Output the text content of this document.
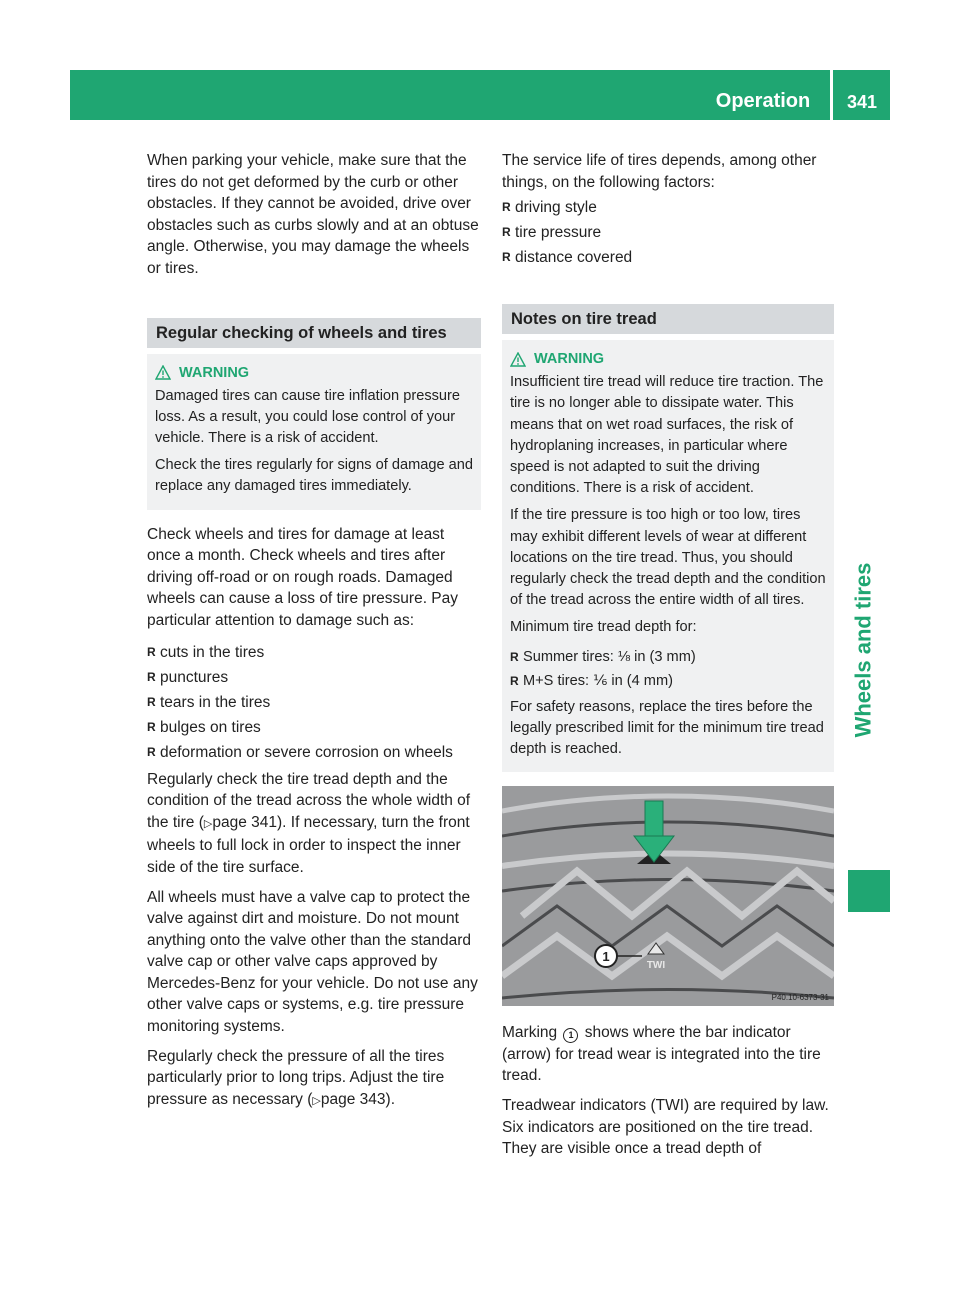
Operation	341
Wheels and tires

When parking your vehicle, make sure that the tires do not get deformed by the curb or other obstacles. If they cannot be avoided, drive over obstacles such as curbs slowly and at an obtuse angle. Otherwise, you may damage the wheels or tires.

Regular checking of wheels and tires
WARNING

Damaged tires can cause tire inflation pressure loss. As a result, you could lose control of your vehicle. There is a risk of accident.

Check the tires regularly for signs of damage and replace any damaged tires immediately.

Check wheels and tires for damage at least once a month. Check wheels and tires after driving off-road or on rough roads. Damaged wheels can cause a loss of tire pressure. Pay particular attention to damage such as:

R cuts in the tires
R punctures
R tears in the tires
R bulges on tires
R deformation or severe corrosion on wheels

Regularly check the tire tread depth and the condition of the tread across the whole width of the tire (▷page 341). If necessary, turn the front wheels to full lock in order to inspect the inner side of the tire surface.

All wheels must have a valve cap to protect the valve against dirt and moisture. Do not mount anything onto the valve other than the standard valve cap or other valve caps approved by Mercedes-Benz for your vehicle. Do not use any other valve caps or systems, e.g. tire pressure monitoring systems.

Regularly check the pressure of all the tires particularly prior to long trips. Adjust the tire pressure as necessary (▷page 343).

The service life of tires depends, among other things, on the following factors:

R driving style
R tire pressure
R distance covered
Notes on tire tread
WARNING

Insufficient tire tread will reduce tire traction. The tire is no longer able to dissipate water. This means that on wet road surfaces, the risk of hydroplaning increases, in particular where speed is not adapted to suit the driving conditions. There is a risk of accident.

If the tire pressure is too high or too low, tires may exhibit different levels of wear at different locations on the tire tread. Thus, you should regularly check the tread depth and the condition of the tread across the entire width of all tires.

Minimum tire tread depth for:

R Summer tires: ⅛ in (3 mm)
R M+S tires: ⅙ in (4 mm)

For safety reasons, replace the tires before the legally prescribed limit for the minimum tire tread depth is reached.

1
TWI
P40.10-6373-31

Marking 1 shows where the bar indicator (arrow) for tread wear is integrated into the tire tread.

Treadwear indicators (TWI) are required by law. Six indicators are positioned on the tire tread. They are visible once a tread depth of
